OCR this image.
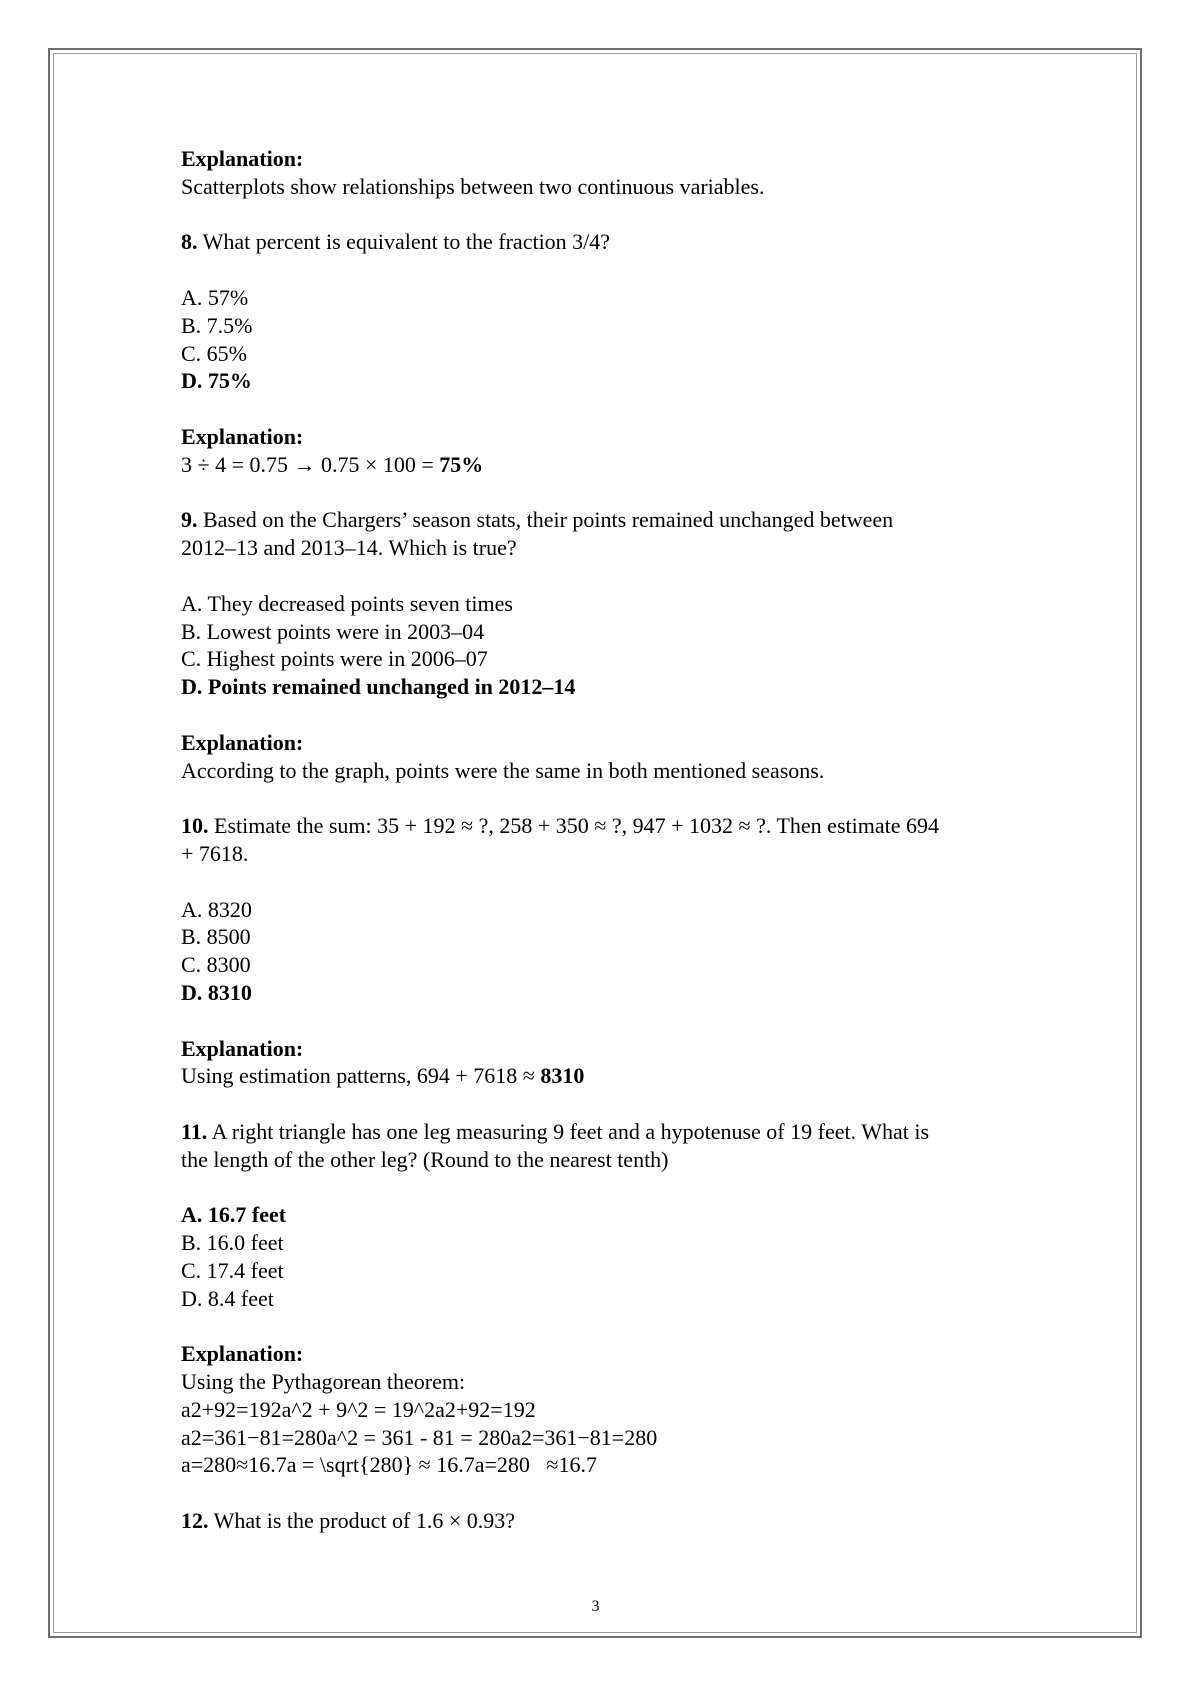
Explanation:

Scatterplots show relationships between two continuous variables.

8. What percent is equivalent to the fraction 3/4?

A. 57%

B. 7.5%

C. 65%

D. 75%

Explanation:

3 ÷ 4 = 0.75 → 0.75 × 100 = 75%

9. Based on the Chargers’ season stats, their points remained unchanged between

2012–13 and 2013–14. Which is true?

A. They decreased points seven times

B. Lowest points were in 2003–04

C. Highest points were in 2006–07

D. Points remained unchanged in 2012–14

Explanation:

According to the graph, points were the same in both mentioned seasons.

10. Estimate the sum: 35 + 192 ≈ ?, 258 + 350 ≈ ?, 947 + 1032 ≈ ?. Then estimate 694

+ 7618.

A. 8320

B. 8500

C. 8300

D. 8310

Explanation:

Using estimation patterns, 694 + 7618 ≈ 8310

11. A right triangle has one leg measuring 9 feet and a hypotenuse of 19 feet. What is

the length of the other leg? (Round to the nearest tenth)

A. 16.7 feet

B. 16.0 feet

C. 17.4 feet

D. 8.4 feet

Explanation:

Using the Pythagorean theorem:

a2+92=192a^2 + 9^2 = 19^2a2+92=192

a2=361−81=280a^2 = 361 - 81 = 280a2=361−81=280

a=280≈16.7a = \sqrt{280} ≈ 16.7a=280   ≈16.7

12. What is the product of 1.6 × 0.93?

3
